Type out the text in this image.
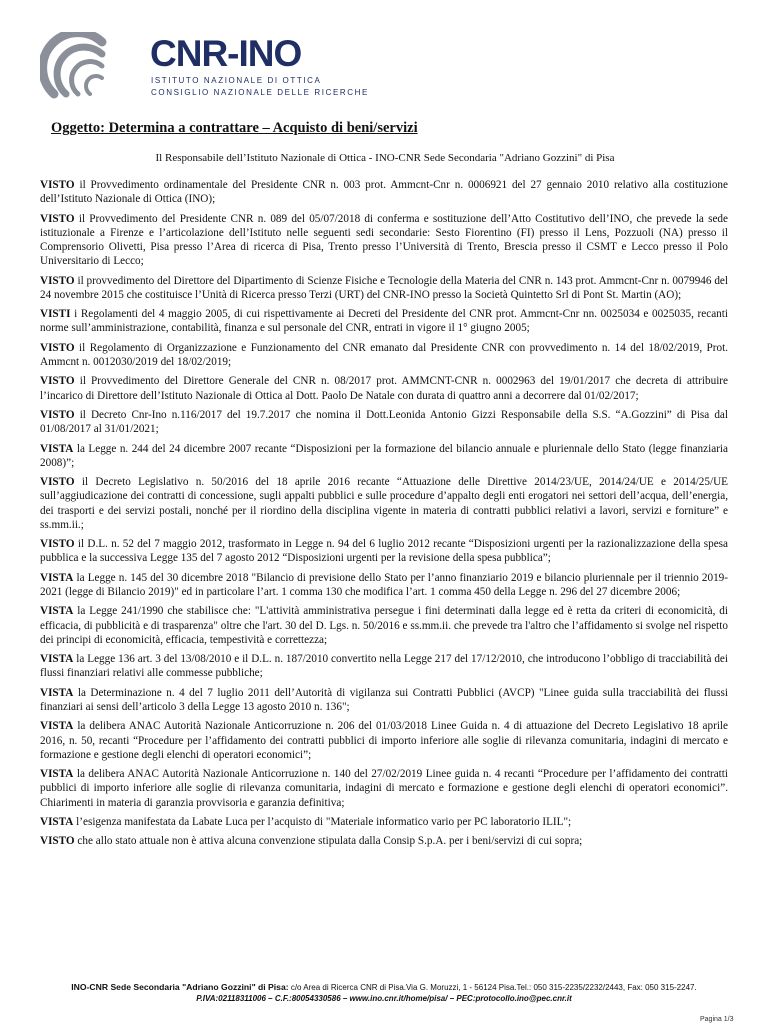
CNR-INO
ISTITUTO NAZIONALE DI OTTICA
CONSIGLIO NAZIONALE DELLE RICERCHE
Oggetto: Determina a contrattare – Acquisto di beni/servizi
Il Responsabile dell’Istituto Nazionale di Ottica - INO-CNR Sede Secondaria "Adriano Gozzini" di Pisa

VISTO il Provvedimento ordinamentale del Presidente CNR n. 003 prot. Ammcnt-Cnr n. 0006921 del 27 gennaio 2010 relativo alla costituzione dell’Istituto Nazionale di Ottica (INO);

VISTO il Provvedimento del Presidente CNR n. 089 del 05/07/2018 di conferma e sostituzione dell’Atto Costitutivo dell’INO, che prevede la sede istituzionale a Firenze e l’articolazione dell’Istituto nelle seguenti sedi secondarie: Sesto Fiorentino (FI) presso il Lens, Pozzuoli (NA) presso il Comprensorio Olivetti, Pisa presso l’Area di ricerca di Pisa, Trento presso l’Università di Trento, Brescia presso il CSMT e Lecco presso il Polo Universitario di Lecco;

VISTO il provvedimento del Direttore del Dipartimento di Scienze Fisiche e Tecnologie della Materia del CNR n. 143 prot. Ammcnt-Cnr n. 0079946 del 24 novembre 2015 che costituisce l’Unità di Ricerca presso Terzi (URT) del CNR-INO presso la Società Quintetto Srl di Pont St. Martin (AO);

VISTI i Regolamenti del 4 maggio 2005, di cui rispettivamente ai Decreti del Presidente del CNR prot. Ammcnt-Cnr nn. 0025034 e 0025035, recanti norme sull’amministrazione, contabilità, finanza e sul personale del CNR, entrati in vigore il 1° giugno 2005;

VISTO il Regolamento di Organizzazione e Funzionamento del CNR emanato dal Presidente CNR con provvedimento n. 14 del 18/02/2019, Prot. Ammcnt n. 0012030/2019 del 18/02/2019;

VISTO il Provvedimento del Direttore Generale del CNR n. 08/2017 prot. AMMCNT-CNR n. 0002963 del 19/01/2017 che decreta di attribuire l’incarico di Direttore dell’Istituto Nazionale di Ottica al Dott. Paolo De Natale con durata di quattro anni a decorrere dal 01/02/2017;

VISTO il Decreto Cnr-Ino n.116/2017 del 19.7.2017 che nomina il Dott.Leonida Antonio Gizzi Responsabile della S.S. “A.Gozzini” di Pisa dal 01/08/2017 al 31/01/2021;

VISTA la Legge n. 244 del 24 dicembre 2007 recante “Disposizioni per la formazione del bilancio annuale e pluriennale dello Stato (legge finanziaria 2008)”;

VISTO il Decreto Legislativo n. 50/2016 del 18 aprile 2016 recante “Attuazione delle Direttive 2014/23/UE, 2014/24/UE e 2014/25/UE sull’aggiudicazione dei contratti di concessione, sugli appalti pubblici e sulle procedure d’appalto degli enti erogatori nei settori dell’acqua, dell’energia, dei trasporti e dei servizi postali, nonché per il riordino della disciplina vigente in materia di contratti pubblici relativi a lavori, servizi e forniture” e ss.mm.ii.;

VISTO il D.L. n. 52 del 7 maggio 2012, trasformato in Legge n. 94 del 6 luglio 2012 recante “Disposizioni urgenti per la razionalizzazione della spesa pubblica e la successiva Legge 135 del 7 agosto 2012 “Disposizioni urgenti per la revisione della spesa pubblica”;

VISTA la Legge n. 145 del 30 dicembre 2018 "Bilancio di previsione dello Stato per l’anno finanziario 2019 e bilancio pluriennale per il triennio 2019-2021 (legge di Bilancio 2019)" ed in particolare l’art. 1 comma 130 che modifica l’art. 1 comma 450 della Legge n. 296 del 27 dicembre 2006;

VISTA la Legge 241/1990 che stabilisce che: "L'attività amministrativa persegue i fini determinati dalla legge ed è retta da criteri di economicità, di efficacia, di pubblicità e di trasparenza" oltre che l'art. 30 del D. Lgs. n. 50/2016 e ss.mm.ii. che prevede tra l'altro che l’affidamento si svolge nel rispetto dei principi di economicità, efficacia, tempestività e correttezza;

VISTA la Legge 136 art. 3 del 13/08/2010 e il D.L. n. 187/2010 convertito nella Legge 217 del 17/12/2010, che introducono l’obbligo di tracciabilità dei flussi finanziari relativi alle commesse pubbliche;

VISTA la Determinazione n. 4 del 7 luglio 2011 dell’Autorità di vigilanza sui Contratti Pubblici (AVCP) "Linee guida sulla tracciabilità dei flussi finanziari ai sensi dell’articolo 3 della Legge 13 agosto 2010 n. 136";

VISTA la delibera ANAC Autorità Nazionale Anticorruzione n. 206 del 01/03/2018 Linee Guida n. 4 di attuazione del Decreto Legislativo 18 aprile 2016, n. 50, recanti “Procedure per l’affidamento dei contratti pubblici di importo inferiore alle soglie di rilevanza comunitaria, indagini di mercato e formazione e gestione degli elenchi di operatori economici”;

VISTA la delibera ANAC Autorità Nazionale Anticorruzione n. 140 del 27/02/2019 Linee guida n. 4 recanti “Procedure per l’affidamento dei contratti pubblici di importo inferiore alle soglie di rilevanza comunitaria, indagini di mercato e formazione e gestione degli elenchi di operatori economici”. Chiarimenti in materia di garanzia provvisoria e garanzia definitiva;

VISTA l’esigenza manifestata da Labate Luca per l’acquisto di "Materiale informatico vario per PC laboratorio ILIL";

VISTO che allo stato attuale non è attiva alcuna convenzione stipulata dalla Consip S.p.A. per i beni/servizi di cui sopra;

INO-CNR Sede Secondaria "Adriano Gozzini" di Pisa: c/o Area di Ricerca CNR di Pisa.Via G. Moruzzi, 1 - 56124 Pisa.Tel.: 050 315-2235/2232/2443, Fax: 050 315-2247.
P.IVA:02118311006 – C.F.:80054330586 – www.ino.cnr.it/home/pisa/ – PEC:protocollo.ino@pec.cnr.it
Pagina 1/3
